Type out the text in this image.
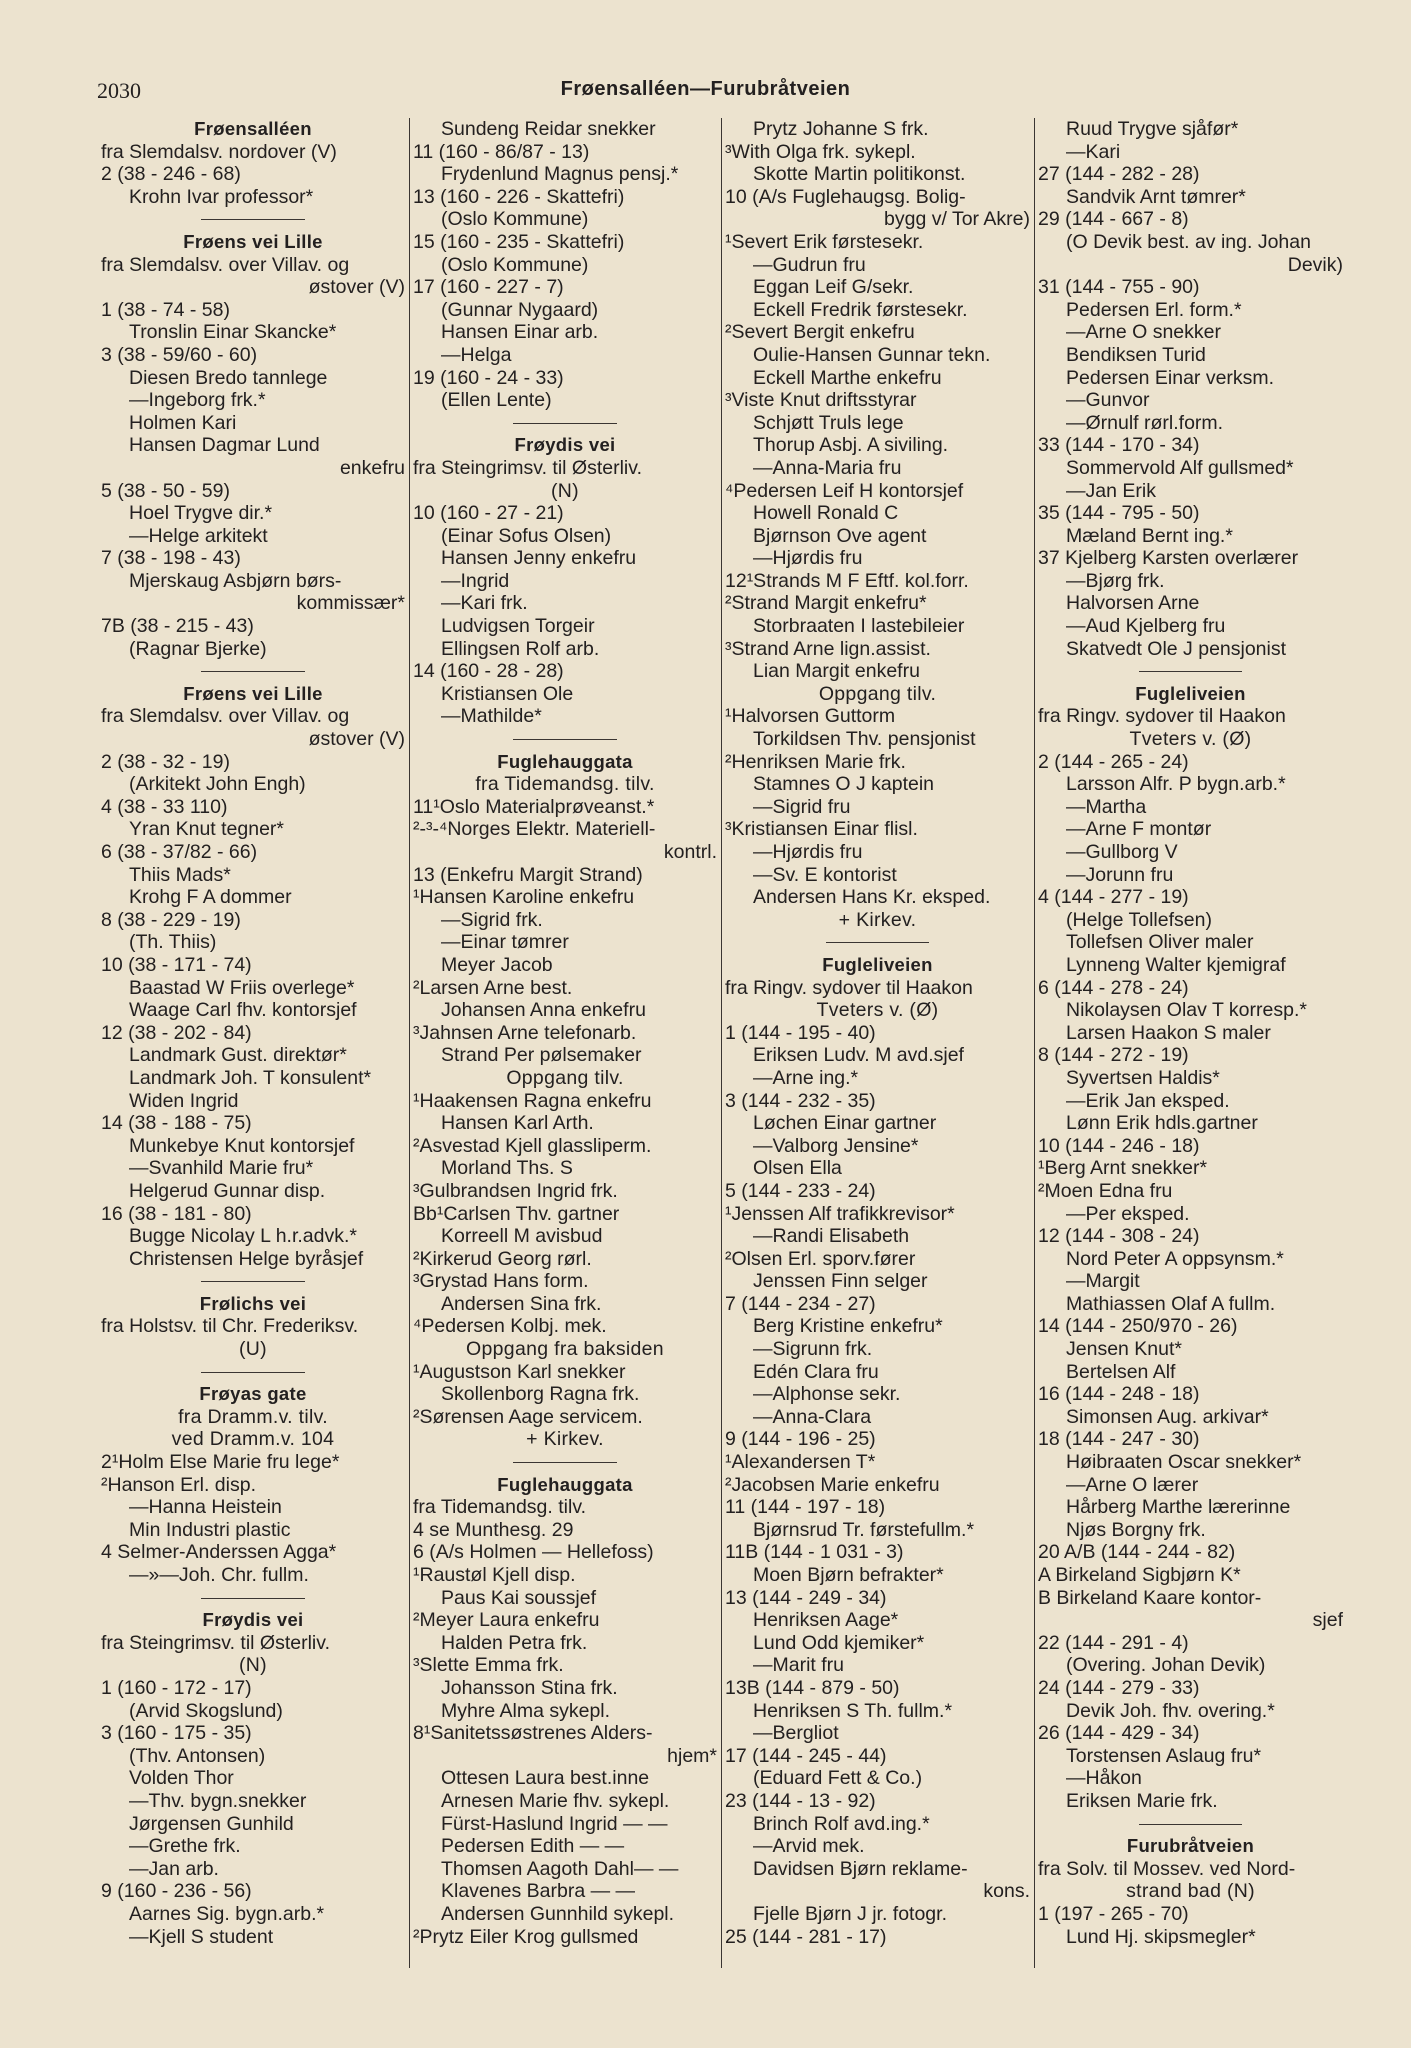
2030	Frøensalléen—Furubråtveien
Frøensalléen
fra Slemdalsv. nordover (V)
2 (38 - 246 - 68)
Krohn Ivar professor*
Frøens vei Lille
fra Slemdalsv. over Villav. og
østover (V)
1 (38 - 74 - 58)
Tronslin Einar Skancke*
3 (38 - 59/60 - 60)
Diesen Bredo tannlege
—Ingeborg frk.*
Holmen Kari
Hansen Dagmar Lund
enkefru
5 (38 - 50 - 59)
Hoel Trygve dir.*
—Helge arkitekt
7 (38 - 198 - 43)
Mjerskaug Asbjørn børs-
kommissær*
7B (38 - 215 - 43)
(Ragnar Bjerke)
Frøens vei Lille
fra Slemdalsv. over Villav. og
østover (V)
2 (38 - 32 - 19)
(Arkitekt John Engh)
4 (38 - 33 110)
Yran Knut tegner*
6 (38 - 37/82 - 66)
Thiis Mads*
Krohg F A dommer
8 (38 - 229 - 19)
(Th. Thiis)
10 (38 - 171 - 74)
Baastad W Friis overlege*
Waage Carl fhv. kontorsjef
12 (38 - 202 - 84)
Landmark Gust. direktør*
Landmark Joh. T konsulent*
Widen Ingrid
14 (38 - 188 - 75)
Munkebye Knut kontorsjef
—Svanhild Marie fru*
Helgerud Gunnar disp.
16 (38 - 181 - 80)
Bugge Nicolay L h.r.advk.*
Christensen Helge byråsjef
Frølichs vei
fra Holstsv. til Chr. Frederiksv.
(U)
Frøyas gate
fra Dramm.v. tilv.
ved Dramm.v. 104
2¹Holm Else Marie fru lege*
²Hanson Erl. disp.
—Hanna Heistein
Min Industri plastic
4 Selmer-Anderssen Agga*
—»—Joh. Chr. fullm.
Frøydis vei
fra Steingrimsv. til Østerliv.
(N)
1 (160 - 172 - 17)
(Arvid Skogslund)
3 (160 - 175 - 35)
(Thv. Antonsen)
Volden Thor
—Thv. bygn.snekker
Jørgensen Gunhild
—Grethe frk.
—Jan arb.
9 (160 - 236 - 56)
Aarnes Sig. bygn.arb.*
—Kjell S student
Sundeng Reidar snekker
11 (160 - 86/87 - 13)
Frydenlund Magnus pensj.*
13 (160 - 226 - Skattefri)
(Oslo Kommune)
15 (160 - 235 - Skattefri)
(Oslo Kommune)
17 (160 - 227 - 7)
(Gunnar Nygaard)
Hansen Einar arb.
—Helga
19 (160 - 24 - 33)
(Ellen Lente)
Frøydis vei
fra Steingrimsv. til Østerliv.
(N)
10 (160 - 27 - 21)
(Einar Sofus Olsen)
Hansen Jenny enkefru
—Ingrid
—Kari frk.
Ludvigsen Torgeir
Ellingsen Rolf arb.
14 (160 - 28 - 28)
Kristiansen Ole
—Mathilde*
Fuglehauggata
fra Tidemandsg. tilv.
11¹Oslo Materialprøveanst.*
²-³-⁴Norges Elektr. Materiell-
kontrl.
13 (Enkefru Margit Strand)
¹Hansen Karoline enkefru
—Sigrid frk.
—Einar tømrer
Meyer Jacob
²Larsen Arne best.
Johansen Anna enkefru
³Jahnsen Arne telefonarb.
Strand Per pølsemaker
Oppgang tilv.
¹Haakensen Ragna enkefru
Hansen Karl Arth.
²Asvestad Kjell glassliperm.
Morland Ths. S
³Gulbrandsen Ingrid frk.
Bb¹Carlsen Thv. gartner
Korreell M avisbud
²Kirkerud Georg rørl.
³Grystad Hans form.
Andersen Sina frk.
⁴Pedersen Kolbj. mek.
Oppgang fra baksiden
¹Augustson Karl snekker
Skollenborg Ragna frk.
²Sørensen Aage servicem.
+ Kirkev.
Fuglehauggata
fra Tidemandsg. tilv.
4 se Munthesg. 29
6 (A/s Holmen — Hellefoss)
¹Raustøl Kjell disp.
Paus Kai soussjef
²Meyer Laura enkefru
Halden Petra frk.
³Slette Emma frk.
Johansson Stina frk.
Myhre Alma sykepl.
8¹Sanitetssøstrenes Alders-
hjem*
Ottesen Laura best.inne
Arnesen Marie fhv. sykepl.
Fürst-Haslund Ingrid — —
Pedersen Edith — —
Thomsen Aagoth Dahl— —
Klavenes Barbra — —
Andersen Gunnhild sykepl.
²Prytz Eiler Krog gullsmed
Prytz Johanne S frk.
³With Olga frk. sykepl.
Skotte Martin politikonst.
10 (A/s Fuglehaugsg. Bolig-
bygg v/ Tor Akre)
¹Severt Erik førstesekr.
—Gudrun fru
Eggan Leif G/sekr.
Eckell Fredrik førstesekr.
²Severt Bergit enkefru
Oulie-Hansen Gunnar tekn.
Eckell Marthe enkefru
³Viste Knut driftsstyrar
Schjøtt Truls lege
Thorup Asbj. A siviling.
—Anna-Maria fru
⁴Pedersen Leif H kontorsjef
Howell Ronald C
Bjørnson Ove agent
—Hjørdis fru
12¹Strands M F Eftf. kol.forr.
²Strand Margit enkefru*
Storbraaten I lastebileier
³Strand Arne lign.assist.
Lian Margit enkefru
Oppgang tilv.
¹Halvorsen Guttorm
Torkildsen Thv. pensjonist
²Henriksen Marie frk.
Stamnes O J kaptein
—Sigrid fru
³Kristiansen Einar flisl.
—Hjørdis fru
—Sv. E kontorist
Andersen Hans Kr. eksped.
+ Kirkev.
Fugleliveien
fra Ringv. sydover til Haakon
Tveters v. (Ø)
1 (144 - 195 - 40)
Eriksen Ludv. M avd.sjef
—Arne ing.*
3 (144 - 232 - 35)
Løchen Einar gartner
—Valborg Jensine*
Olsen Ella
5 (144 - 233 - 24)
¹Jenssen Alf trafikkrevisor*
—Randi Elisabeth
²Olsen Erl. sporv.fører
Jenssen Finn selger
7 (144 - 234 - 27)
Berg Kristine enkefru*
—Sigrunn frk.
Edén Clara fru
—Alphonse sekr.
—Anna-Clara
9 (144 - 196 - 25)
¹Alexandersen T*
²Jacobsen Marie enkefru
11 (144 - 197 - 18)
Bjørnsrud Tr. førstefullm.*
11B (144 - 1 031 - 3)
Moen Bjørn befrakter*
13 (144 - 249 - 34)
Henriksen Aage*
Lund Odd kjemiker*
—Marit fru
13B (144 - 879 - 50)
Henriksen S Th. fullm.*
—Bergliot
17 (144 - 245 - 44)
(Eduard Fett & Co.)
23 (144 - 13 - 92)
Brinch Rolf avd.ing.*
—Arvid mek.
Davidsen Bjørn reklame-
kons.
Fjelle Bjørn J jr. fotogr.
25 (144 - 281 - 17)
Ruud Trygve sjåfør*
—Kari
27 (144 - 282 - 28)
Sandvik Arnt tømrer*
29 (144 - 667 - 8)
(O Devik best. av ing. Johan
Devik)
31 (144 - 755 - 90)
Pedersen Erl. form.*
—Arne O snekker
Bendiksen Turid
Pedersen Einar verksm.
—Gunvor
—Ørnulf rørl.form.
33 (144 - 170 - 34)
Sommervold Alf gullsmed*
—Jan Erik
35 (144 - 795 - 50)
Mæland Bernt ing.*
37 Kjelberg Karsten overlærer
—Bjørg frk.
Halvorsen Arne
—Aud Kjelberg fru
Skatvedt Ole J pensjonist
Fugleliveien
fra Ringv. sydover til Haakon
Tveters v. (Ø)
2 (144 - 265 - 24)
Larsson Alfr. P bygn.arb.*
—Martha
—Arne F montør
—Gullborg V
—Jorunn fru
4 (144 - 277 - 19)
(Helge Tollefsen)
Tollefsen Oliver maler
Lynneng Walter kjemigraf
6 (144 - 278 - 24)
Nikolaysen Olav T korresp.*
Larsen Haakon S maler
8 (144 - 272 - 19)
Syvertsen Haldis*
—Erik Jan eksped.
Lønn Erik hdls.gartner
10 (144 - 246 - 18)
¹Berg Arnt snekker*
²Moen Edna fru
—Per eksped.
12 (144 - 308 - 24)
Nord Peter A oppsynsm.*
—Margit
Mathiassen Olaf A fullm.
14 (144 - 250/970 - 26)
Jensen Knut*
Bertelsen Alf
16 (144 - 248 - 18)
Simonsen Aug. arkivar*
18 (144 - 247 - 30)
Høibraaten Oscar snekker*
—Arne O lærer
Hårberg Marthe lærerinne
Njøs Borgny frk.
20 A/B (144 - 244 - 82)
A Birkeland Sigbjørn K*
B Birkeland Kaare kontor-
sjef
22 (144 - 291 - 4)
(Overing. Johan Devik)
24 (144 - 279 - 33)
Devik Joh. fhv. overing.*
26 (144 - 429 - 34)
Torstensen Aslaug fru*
—Håkon
Eriksen Marie frk.
Furubråtveien
fra Solv. til Mossev. ved Nord-
strand bad (N)
1 (197 - 265 - 70)
Lund Hj. skipsmegler*
